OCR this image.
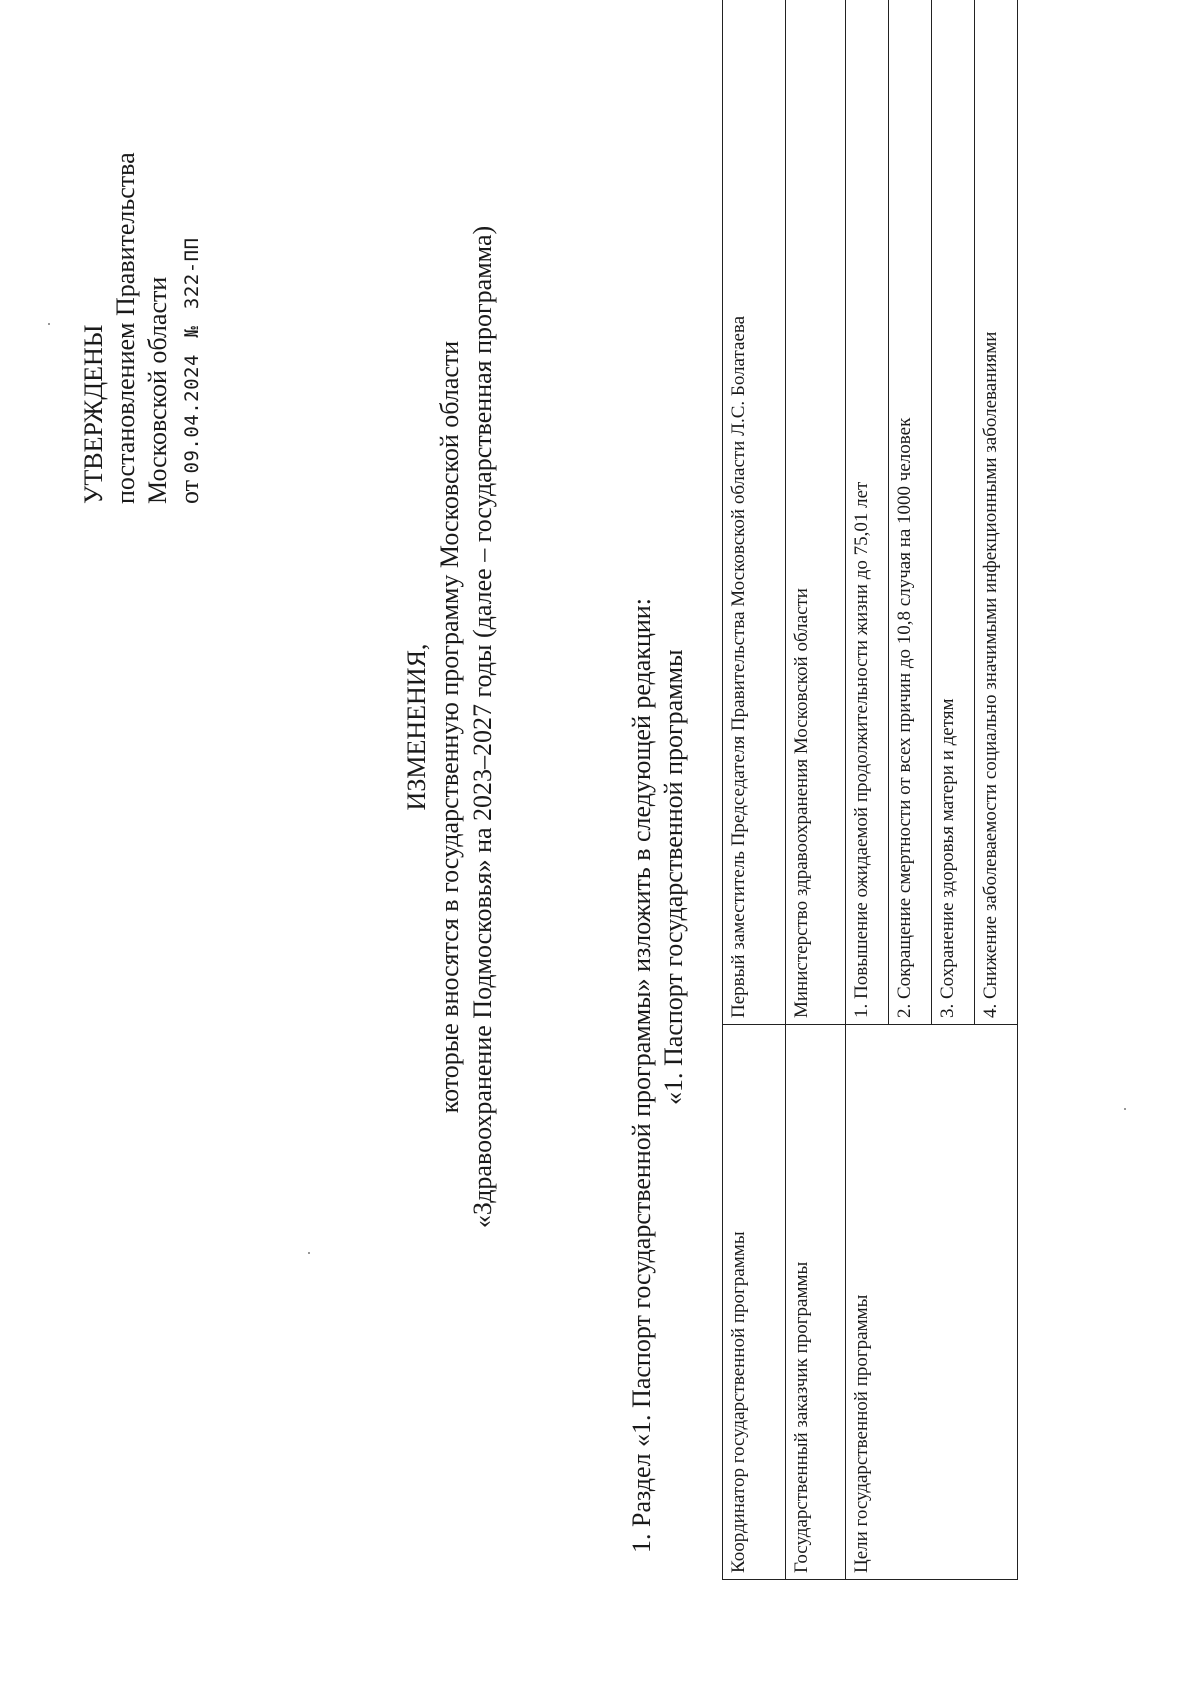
УТВЕРЖДЕНЫ постановлением Правительства Московской области от 09.04.2024 № 322-ПП
ИЗМЕНЕНИЯ, которые вносятся в государственную программу Московской области «Здравоохранение Подмосковья» на 2023–2027 годы (далее – государственная программа)	1. Раздел «1. Паспорт государственной программы» изложить в следующей редакции: «1. Паспорт государственной программы
Координатор государственной программы	Первый заместитель Председателя Правительства Московской области Л.С. Болатаева
Государственный заказчик программы	Министерство здравоохранения Московской области
Цели государственной программы	1. Повышение ожидаемой продолжительности жизни до 75,01 лет
	2. Сокращение смертности от всех причин до 10,8 случая на 1000 человек
	3. Сохранение здоровья матери и детям
	4. Снижение заболеваемости социально значимыми инфекционными заболеваниями
